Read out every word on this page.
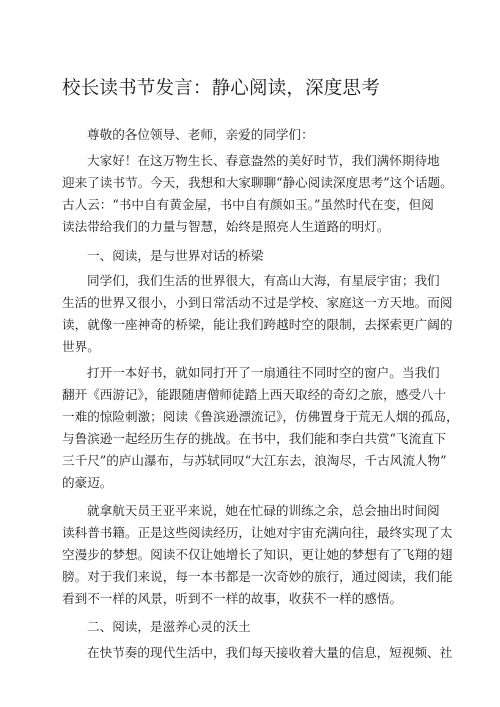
校长读书节发言：静心阅读，深度思考
尊敬的各位领导、老师，亲爱的同学们：
大家好！在这万物生长、春意盎然的美好时节，我们满怀期待地
迎来了读书节。今天，我想和大家聊聊“静心阅读深度思考”这个话题。
古人云：“书中自有黄金屋，书中自有颜如玉。”虽然时代在变，但阅
读法带给我们的力量与智慧，始终是照亮人生道路的明灯。
一、阅读，是与世界对话的桥梁
同学们，我们生活的世界很大，有高山大海，有星辰宇宙；我们
生活的世界又很小，小到日常活动不过是学校、家庭这一方天地。而阅
读，就像一座神奇的桥梁，能让我们跨越时空的限制，去探索更广阔的
世界。
打开一本好书，就如同打开了一扇通往不同时空的窗户。当我们
翻开《西游记》，能跟随唐僧师徒踏上西天取经的奇幻之旅，感受八十
一难的惊险刺激；阅读《鲁滨逊漂流记》，仿佛置身于荒无人烟的孤岛，
与鲁滨逊一起经历生存的挑战。在书中，我们能和李白共赏“飞流直下
三千尺”的庐山瀑布，与苏轼同叹“大江东去，浪淘尽，千古风流人物”
的豪迈。
就拿航天员王亚平来说，她在忙碌的训练之余，总会抽出时间阅
读科普书籍。正是这些阅读经历，让她对宇宙充满向往，最终实现了太
空漫步的梦想。阅读不仅让她增长了知识，更让她的梦想有了飞翔的翅
膀。对于我们来说，每一本书都是一次奇妙的旅行，通过阅读，我们能
看到不一样的风景，听到不一样的故事，收获不一样的感悟。
二、阅读，是滋养心灵的沃土
在快节奏的现代生活中，我们每天接收着大量的信息，短视频、社
